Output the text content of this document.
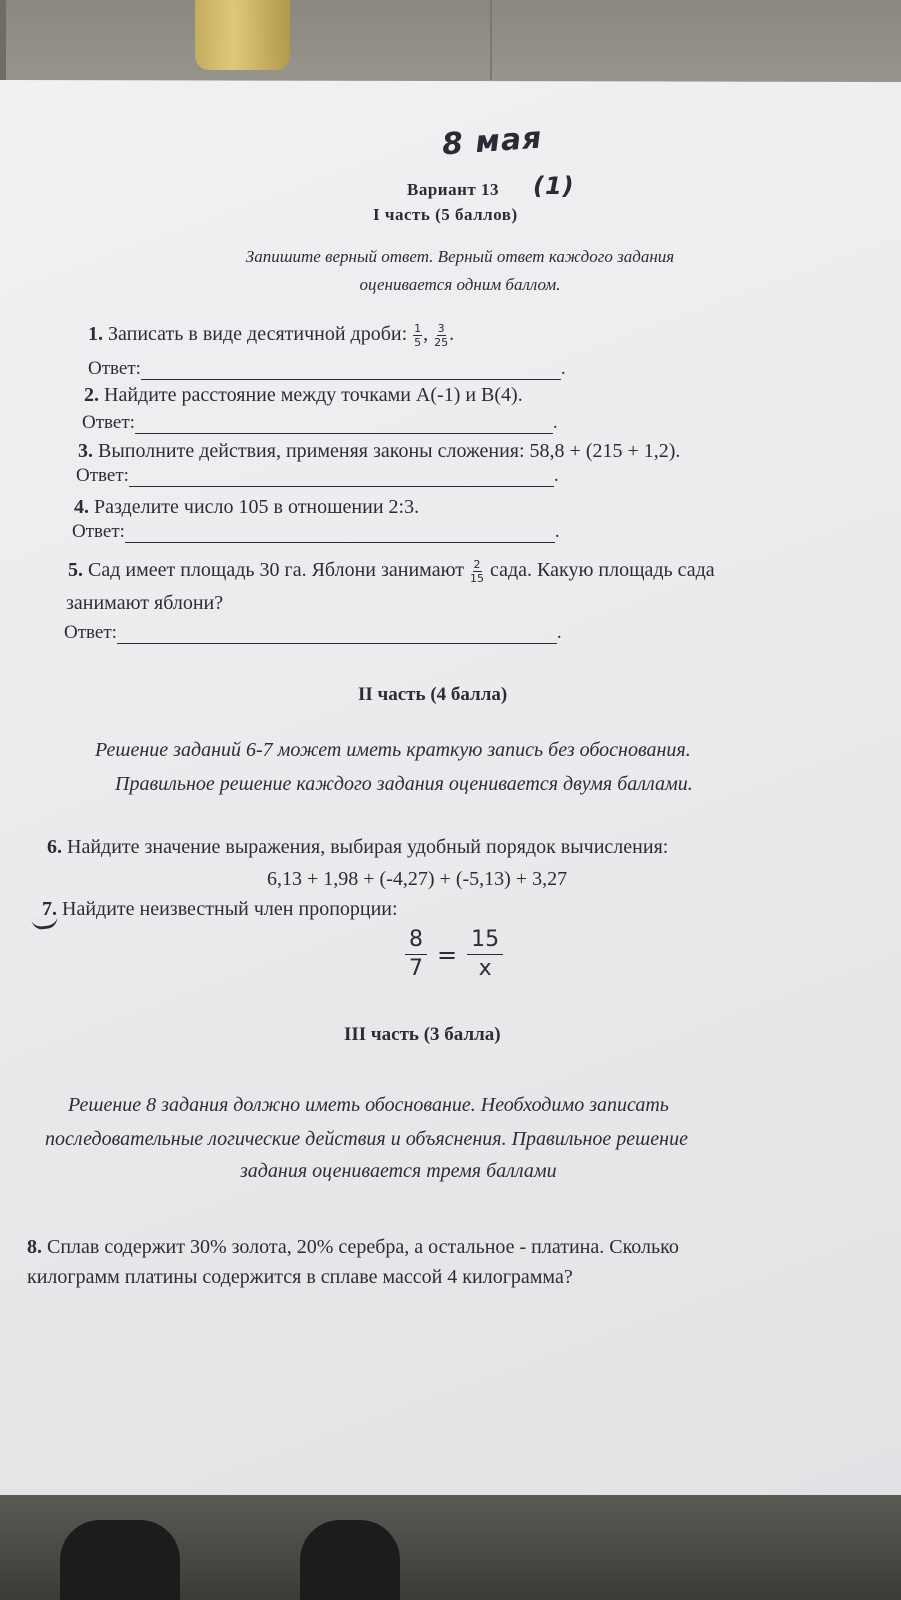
8 мая
Вариант 13 (1)
I часть (5 баллов)
Запишите верный ответ. Верный ответ каждого задания
оценивается одним баллом.
1. Записать в виде десятичной дроби: $\frac{1}{5}$ , $\frac{3}{25}$ .
Ответ:	.
2. Найдите расстояние между точками А(-1) и В(4).
Ответ:	.
3. Выполните действия, применяя законы сложения: 58,8 + (215 + 1,2).
Ответ:	.
4. Разделите число 105 в отношении 2:3.
Ответ:	.
5. Сад имеет площадь 30 га. Яблони занимают $\frac{2}{15}$ сада. Какую площадь сада
занимают яблони?
Ответ:	.
II часть (4 балла)
Решение заданий 6-7 может иметь краткую запись без обоснования.
Правильное решение каждого задания оценивается двумя баллами.
6. Найдите значение выражения, выбирая удобный порядок вычисления:
6,13 + 1,98 + (-4,27) + (-5,13) + 3,27
7. Найдите неизвестный член пропорции:
$\frac{8}{7} = \frac{15}{x}$
III часть (3 балла)
Решение 8 задания должно иметь обоснование. Необходимо записать
последовательные логические действия и объяснения. Правильное решение
задания оценивается тремя баллами
8. Сплав содержит 30% золота, 20% серебра, а остальное - платина. Сколько
килограмм платины содержится в сплаве массой 4 килограмма?
